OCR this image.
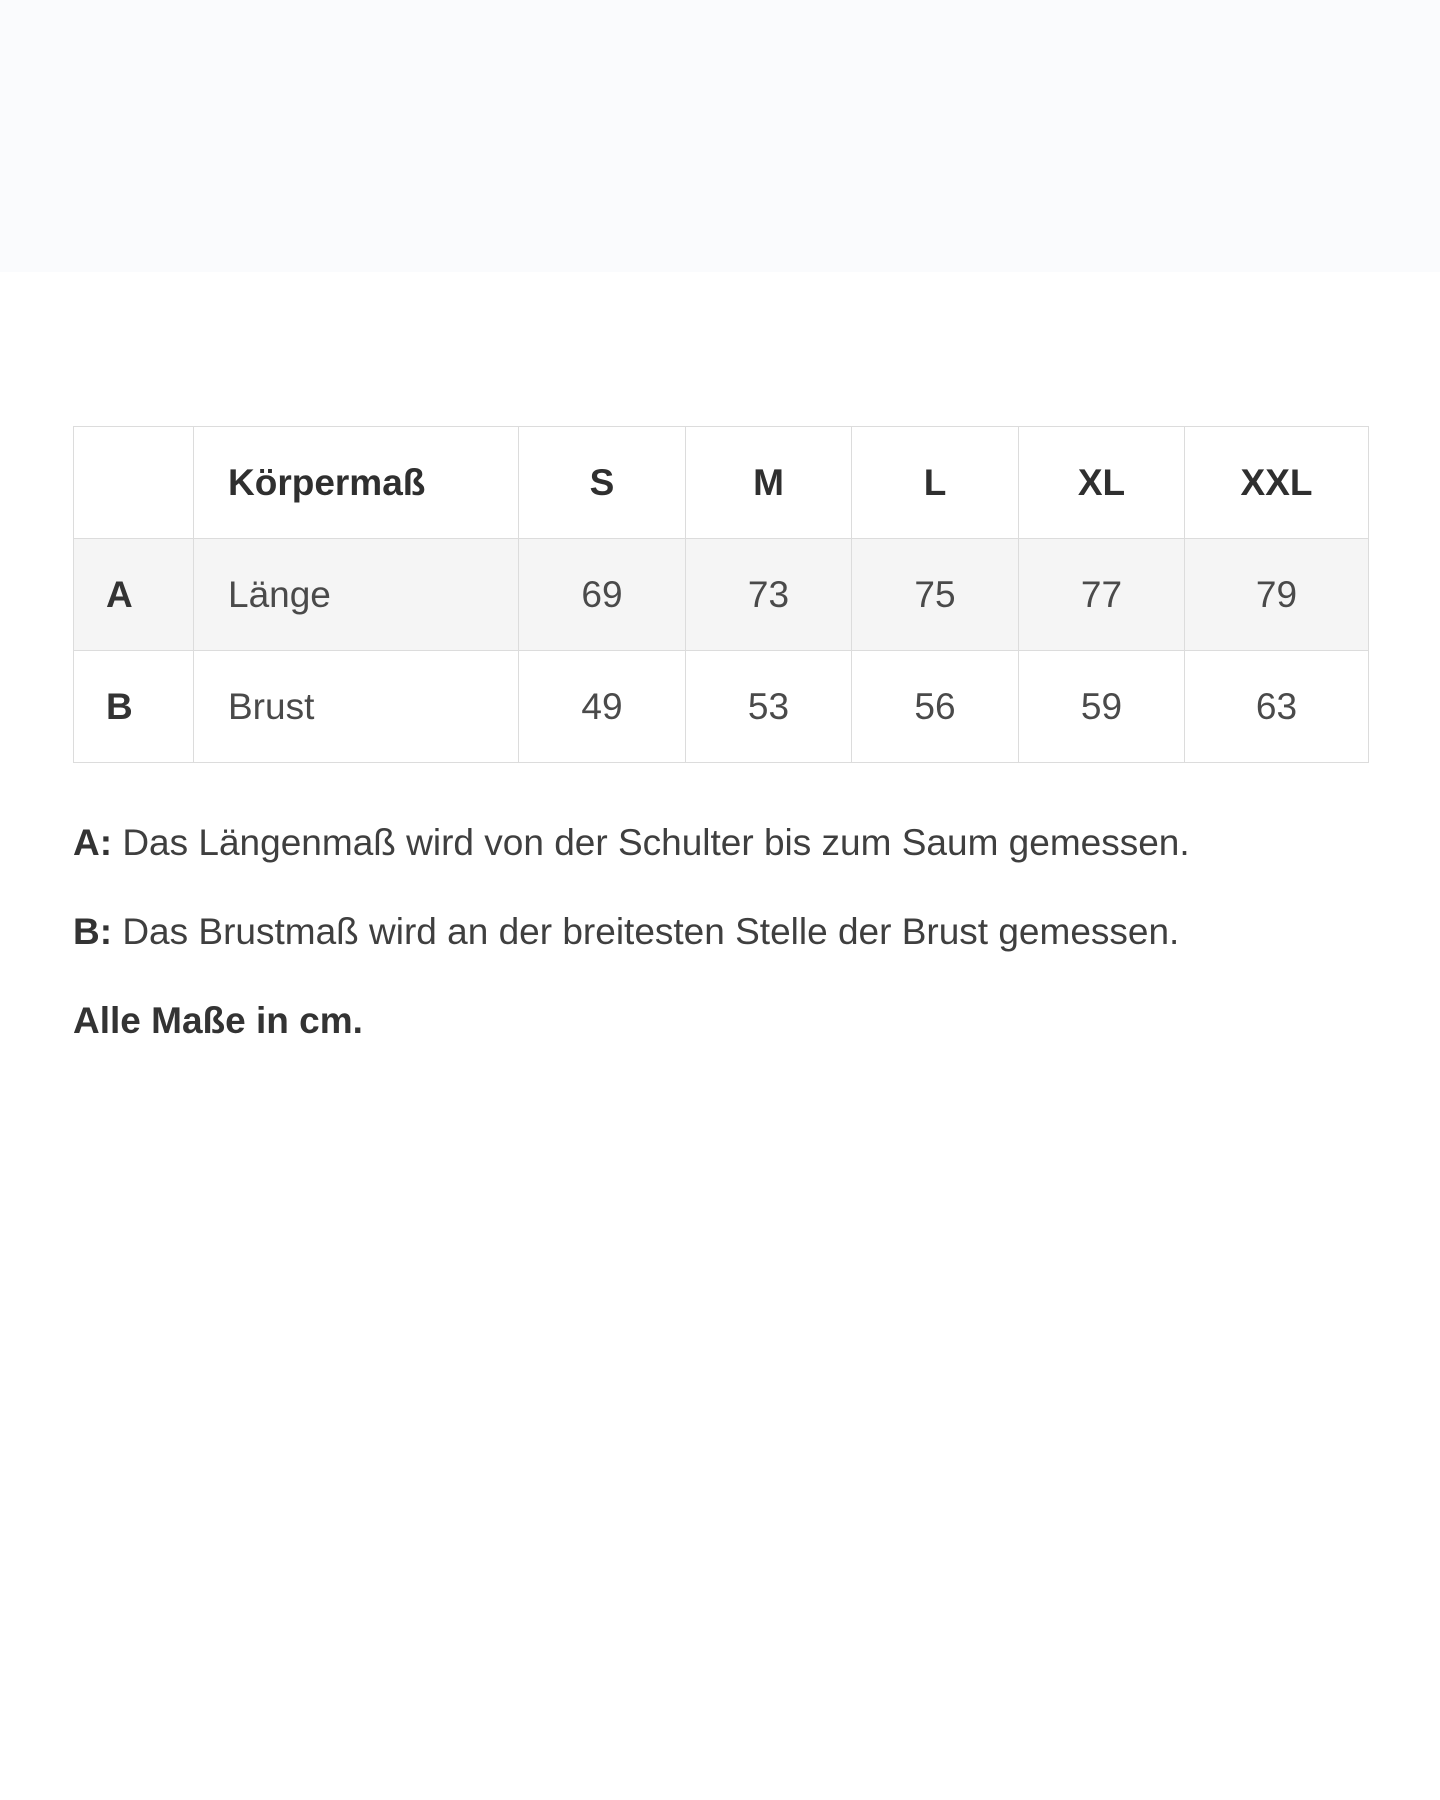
	Körpermaß	S	M	L	XL	XXL
A	Länge	69	73	75	77	79
B	Brust	49	53	56	59	63

A: Das Längenmaß wird von der Schulter bis zum Saum gemessen.

B: Das Brustmaß wird an der breitesten Stelle der Brust gemessen.

Alle Maße in cm.
